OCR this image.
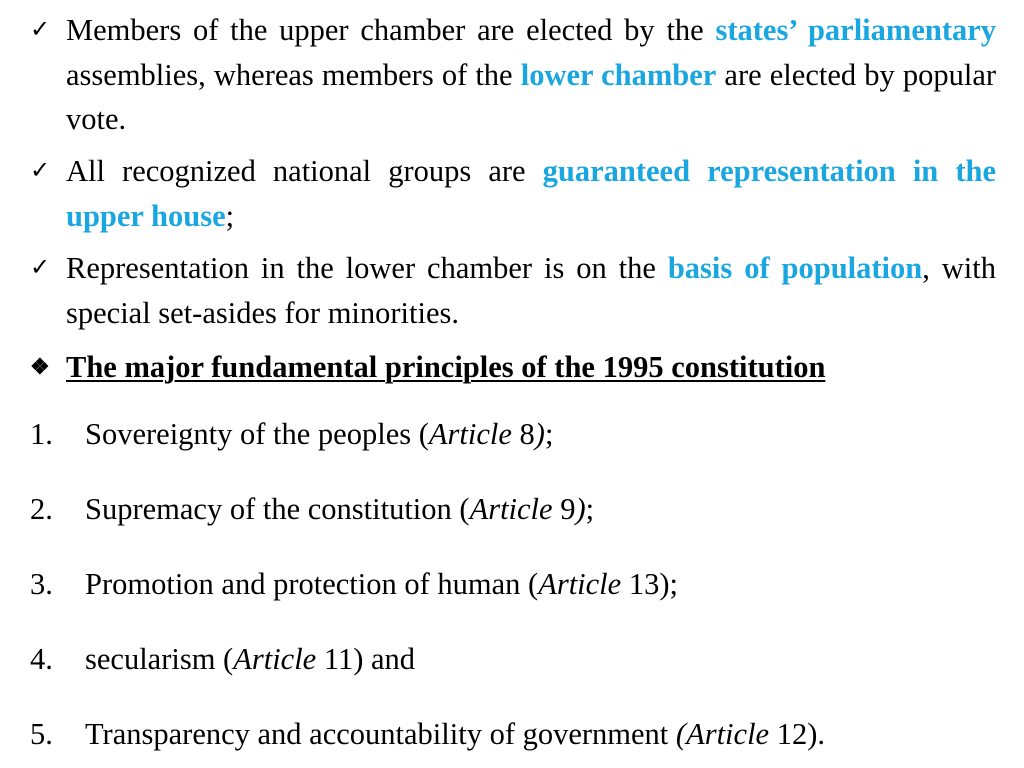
✓ Members of the upper chamber are elected by the states’ parliamentary assemblies, whereas members of the lower chamber are elected by popular vote.
✓ All recognized national groups are guaranteed representation in the upper house;
✓ Representation in the lower chamber is on the basis of population, with special set-asides for minorities.
❖ The major fundamental principles of the 1995 constitution
1. Sovereignty of the peoples (Article 8);
2. Supremacy of the constitution (Article 9);
3. Promotion and protection of human (Article 13);
4. secularism (Article 11) and
5. Transparency and accountability of government (Article 12).
